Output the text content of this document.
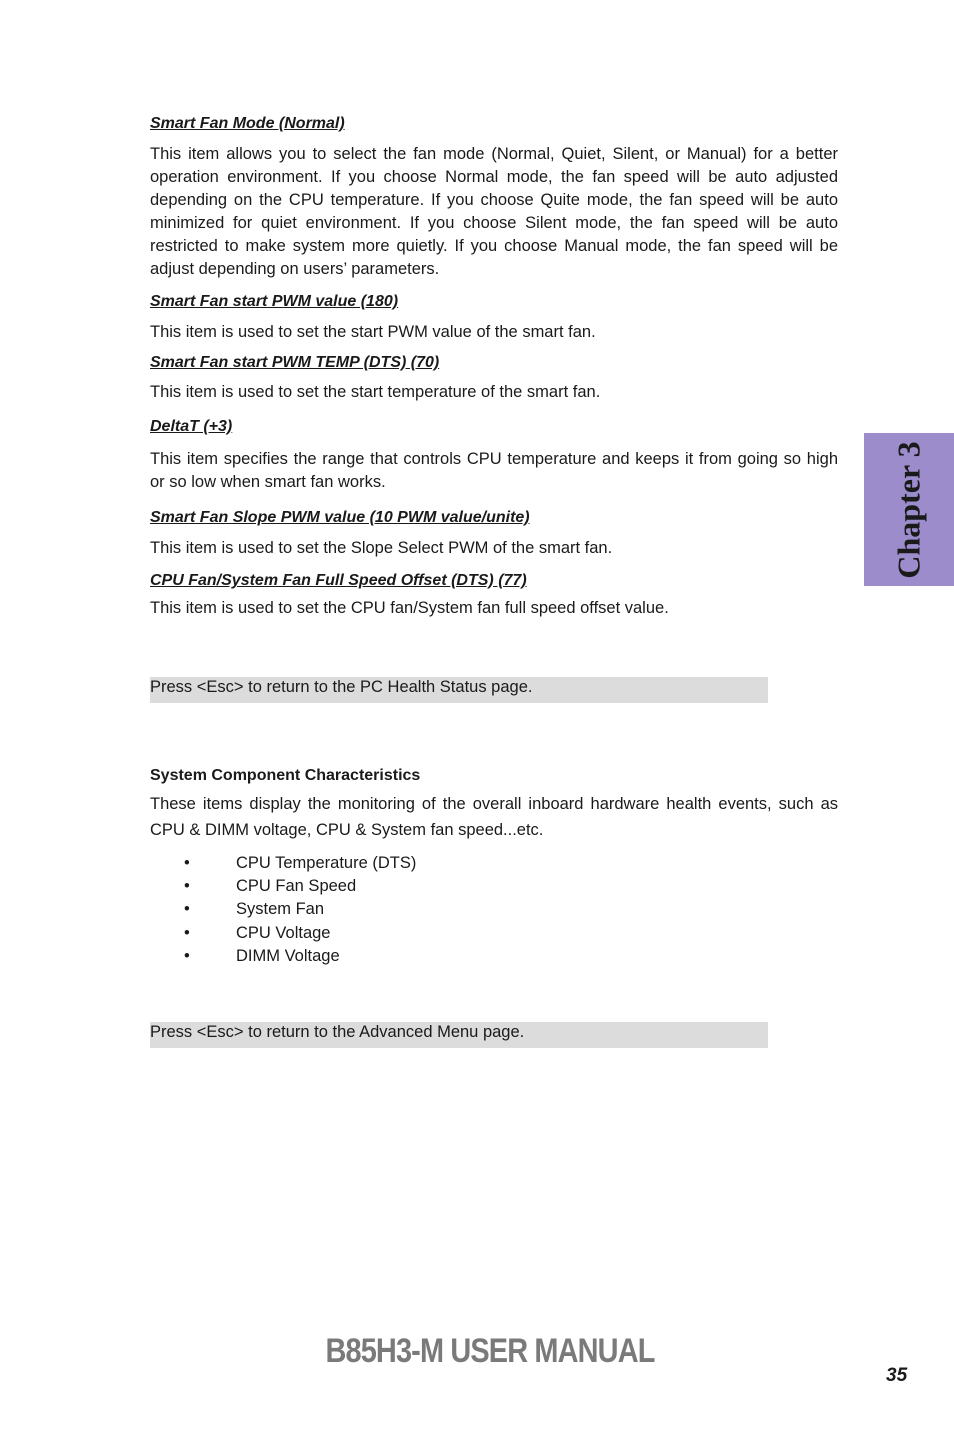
Smart Fan Mode (Normal)

This item allows you to select the fan mode (Normal, Quiet, Silent, or Manual) for a better operation environment. If you choose Normal mode, the fan speed will be auto adjusted depending on the CPU temperature. If you choose Quite mode, the fan speed will be auto minimized for quiet environment. If you choose Silent mode, the fan speed will be auto restricted to make system more quietly. If you choose Manual mode, the fan speed will be adjust depending on users’ parameters.

Smart Fan start PWM value (180)

This item is used to set the start PWM value of the smart fan.

Smart Fan start PWM TEMP (DTS) (70)

This item is used to set the start temperature of the smart fan.

DeltaT (+3)

This item specifies the range that controls CPU temperature and keeps it from going so high or so low when smart fan works.

Smart Fan Slope PWM value (10 PWM value/unite)

This item is used to set the Slope Select PWM of the smart fan.

CPU Fan/System Fan Full Speed Offset (DTS) (77)

This item is used to set the CPU fan/System fan full speed offset value.

Press <Esc> to return to the PC Health Status page.

System Component Characteristics

These items display the monitoring of the overall inboard hardware health events, such as CPU & DIMM voltage, CPU & System fan speed...etc.

•	CPU Temperature (DTS)
•	CPU Fan Speed
•	System Fan
•	CPU Voltage
•	DIMM Voltage
Press <Esc> to return to the Advanced Menu page.
Chapter 3
B85H3-M USER MANUAL
35
